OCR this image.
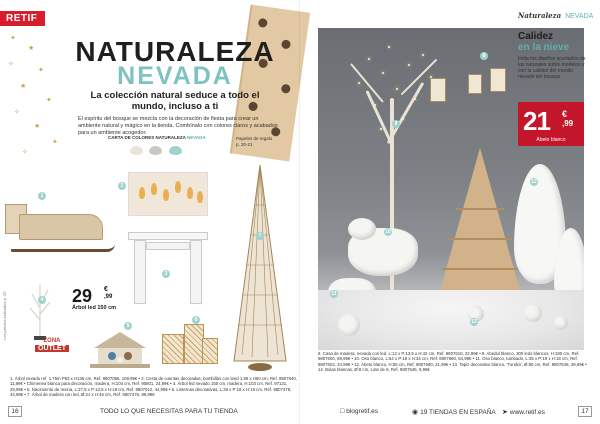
RETIF
✦
★
✧
✦
★
✦
✧
★
✦
✧
NATURALEZA
NEVADA
La colección natural seduce a todo el mundo, incluso a ti
El espíritu del bosque se mezcla con la decoración de fiesta para crear un ambiente natural y mágico en la tienda. Combínalo con colores claros y acabados para un ambiente acogedor.
CARTA DE COLORES NATURALEZA NEVADA
	Papeles de regalo p. 20-21
1
2
3
4 29 €
,99
Árbol led 150 cm
ZONA
OUTLET
Los precios indicados p. 25	5
6
7
1. Árbol nevado ref. 1.75m P53 x H136 cm, Ref. 9807086, 109,99€ • 2. Cesta de cuentas decoradas, bombillas con leed 1,95 x H60 cm, Ref. 9807640, 11,99€ • Chimenea blanca para decoración, madera, H:104 cm, Ref. 90801, 24,99€ • 4. Árbol led nevado 150 cm, madera, H:103 cm, Ref. 97131, 29,99€ • 5. Nacimiento de resina, L:27,5 x P:13,5 x H:19 cm, Ref. 9807012, 44,99€ • 6. Linternas decorativas, L:29 x P:18 x H:19 cm, Ref. 9807478, 34,99€ • 7. Árbol de madera con led, Ø:21 x H:45 cm, Ref. 9807476, 89,99€
16	TODO LO QUE NECESITAS PARA TU TIENDA
Naturaleza NEVADA
8
9
10
11
12
13
Calidez
en la nieve
Imita los diseños acertados de las naturales sobre modelos y con la calidez del mundo nevado del bosque.
21 €
,99
Abeto blanco
8. Casa de madera, nevada con led, L:12 x P:13,5 x H:42 cm, Ref. 9807610, 22,99€ • 9. Abedul blanco, 300 leds blancos, H:180 cm, Ref. 9807600, 89,99€ • 10. Oso blanco, L:54 x P:18 x H:34 cm, Ref. 9807660, 54,99€ • 11. Oso blanco, tumbado, L:35 x P:19 x H:19 cm, Ref. 9807602, 34,99€ • 12. Abeto blanco, H:55 cm, Ref. 9807690, 21,99€ • 13. Tapiz decorativo blanco, 'Tundra', Ø:80 cm, Ref. 9807648, 39,99€ • 14. Bolas blancas, Ø:8 cm, Lote de 6, Ref. 9807645, 9,99€
□ blogretif.es	◉ 19 TIENDAS EN ESPAÑA ➤ www.retif.es	17
